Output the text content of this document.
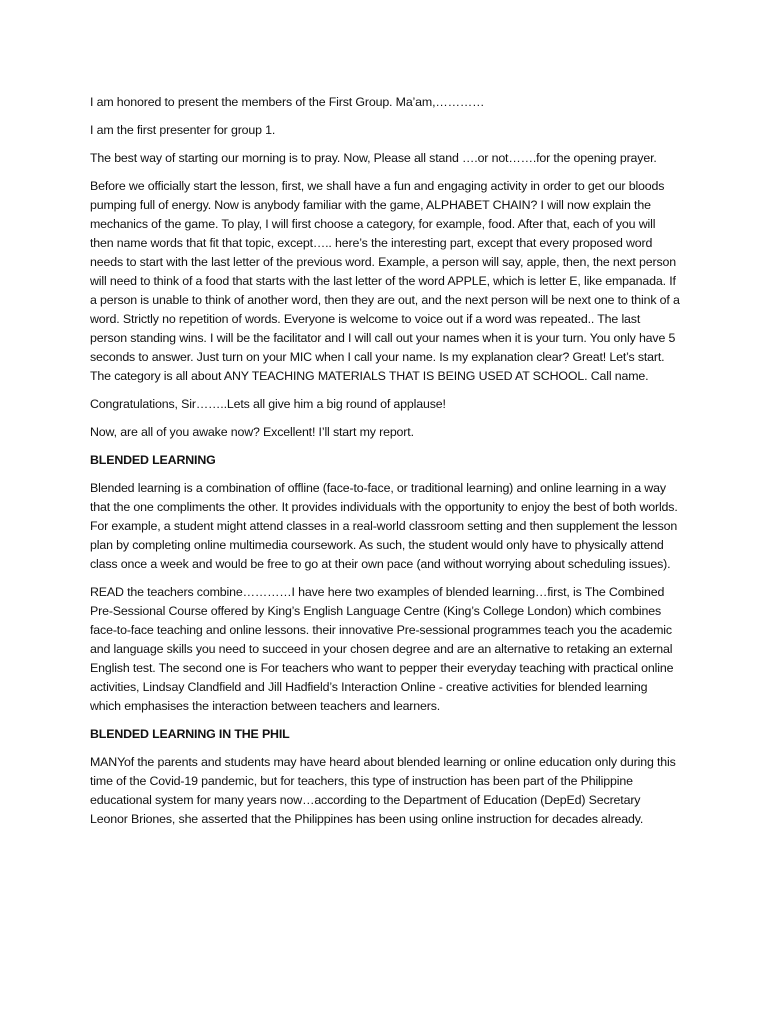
I am honored to present the members of the First Group. Ma’am,…………

I am the first presenter for group 1.

The best way of starting our morning is to pray. Now, Please all stand ….or not…….for the opening prayer.

Before we officially start the lesson, first, we shall have a fun and engaging activity in order to get our bloods pumping full of energy. Now is anybody familiar with the game, ALPHABET CHAIN? I will now explain the mechanics of the game. To play, I will first choose a category, for example, food. After that, each of you will then name words that fit that topic, except….. here’s the interesting part, except that every proposed word needs to start with the last letter of the previous word. Example, a person will say, apple, then, the next person will need to think of a food that starts with the last letter of the word APPLE, which is letter E, like empanada. If a person is unable to think of another word, then they are out, and the next person will be next one to think of a word. Strictly no repetition of words. Everyone is welcome to voice out if a word was repeated.. The last person standing wins. I will be the facilitator and I will call out your names when it is your turn. You only have 5 seconds to answer. Just turn on your MIC when I call your name. Is my explanation clear? Great! Let’s start. The category is all about ANY TEACHING MATERIALS THAT IS BEING USED AT SCHOOL. Call name.

Congratulations, Sir……..Lets all give him a big round of applause!

Now, are all of you awake now? Excellent! I’ll start my report.

BLENDED LEARNING

Blended learning is a combination of offline (face-to-face, or traditional learning) and online learning in a way that the one compliments the other. It provides individuals with the opportunity to enjoy the best of both worlds. For example, a student might attend classes in a real-world classroom setting and then supplement the lesson plan by completing online multimedia coursework. As such, the student would only have to physically attend class once a week and would be free to go at their own pace (and without worrying about scheduling issues).

READ the teachers combine…………I have here two examples of blended learning…first, is The Combined Pre-Sessional Course offered by King’s English Language Centre (King’s College London) which combines face-to-face teaching and online lessons. their innovative Pre-sessional programmes teach you the academic and language skills you need to succeed in your chosen degree and are an alternative to retaking an external English test. The second one is For teachers who want to pepper their everyday teaching with practical online activities, Lindsay Clandfield and Jill Hadfield’s Interaction Online - creative activities for blended learning which emphasises the interaction between teachers and learners.

BLENDED LEARNING IN THE PHIL

MANYof the parents and students may have heard about blended learning or online education only during this time of the Covid-19 pandemic, but for teachers, this type of instruction has been part of the Philippine educational system for many years now…according to the Department of Education (DepEd) Secretary Leonor Briones, she asserted that the Philippines has been using online instruction for decades already.
